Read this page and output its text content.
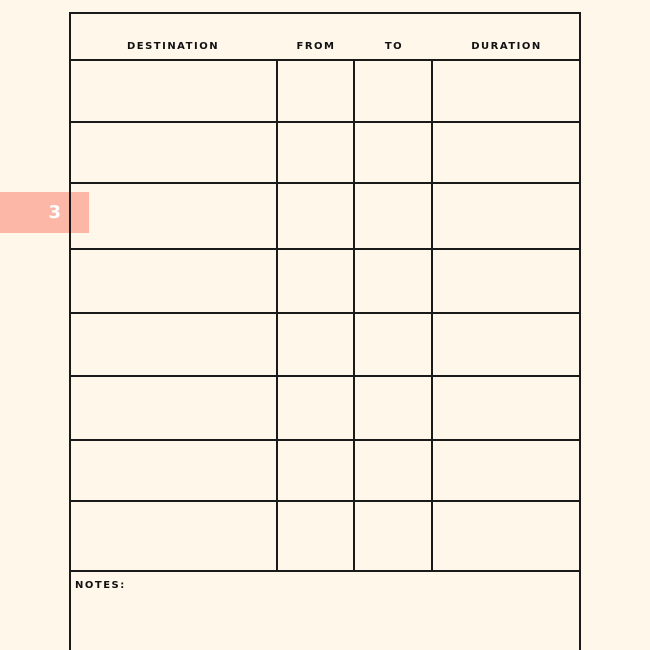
3
DESTINATION	FROM	TO	DURATION
NOTES:
